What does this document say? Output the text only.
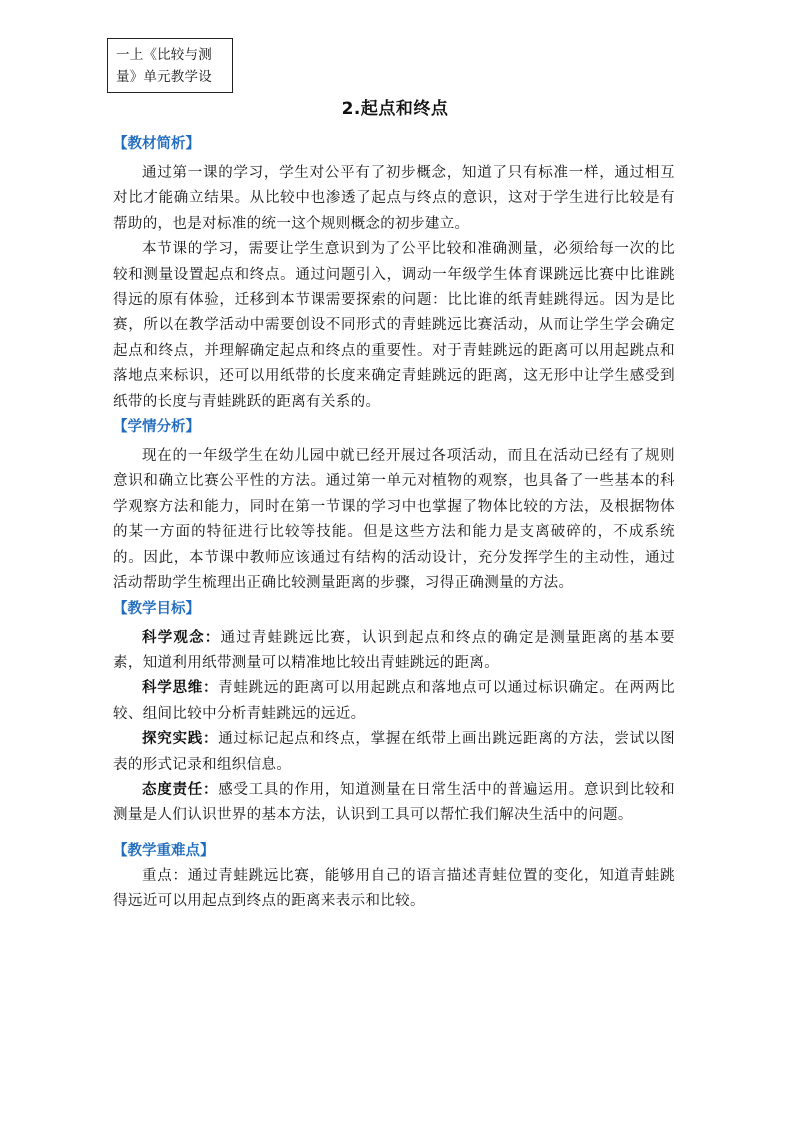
一上《比较与测
量》单元教学设
2.起点和终点

【教材简析】

通过第一课的学习，学生对公平有了初步概念，知道了只有标准一样，通过相互对比才能确立结果。从比较中也渗透了起点与终点的意识，这对于学生进行比较是有帮助的，也是对标准的统一这个规则概念的初步建立。

本节课的学习，需要让学生意识到为了公平比较和准确测量，必须给每一次的比较和测量设置起点和终点。通过问题引入，调动一年级学生体育课跳远比赛中比谁跳得远的原有体验，迁移到本节课需要探索的问题：比比谁的纸青蛙跳得远。因为是比赛，所以在教学活动中需要创设不同形式的青蛙跳远比赛活动，从而让学生学会确定起点和终点，并理解确定起点和终点的重要性。对于青蛙跳远的距离可以用起跳点和落地点来标识，还可以用纸带的长度来确定青蛙跳远的距离，这无形中让学生感受到纸带的长度与青蛙跳跃的距离有关系的。

【学情分析】

现在的一年级学生在幼儿园中就已经开展过各项活动，而且在活动已经有了规则意识和确立比赛公平性的方法。通过第一单元对植物的观察，也具备了一些基本的科学观察方法和能力，同时在第一节课的学习中也掌握了物体比较的方法，及根据物体的某一方面的特征进行比较等技能。但是这些方法和能力是支离破碎的，不成系统的。因此，本节课中教师应该通过有结构的活动设计，充分发挥学生的主动性，通过活动帮助学生梳理出正确比较测量距离的步骤，习得正确测量的方法。

【教学目标】

科学观念：通过青蛙跳远比赛，认识到起点和终点的确定是测量距离的基本要素，知道利用纸带测量可以精准地比较出青蛙跳远的距离。

科学思维：青蛙跳远的距离可以用起跳点和落地点可以通过标识确定。在两两比较、组间比较中分析青蛙跳远的远近。

探究实践：通过标记起点和终点，掌握在纸带上画出跳远距离的方法，尝试以图表的形式记录和组织信息。

态度责任：感受工具的作用，知道测量在日常生活中的普遍运用。意识到比较和测量是人们认识世界的基本方法，认识到工具可以帮忙我们解决生活中的问题。

【教学重难点】

重点：通过青蛙跳远比赛，能够用自己的语言描述青蛙位置的变化，知道青蛙跳得远近可以用起点到终点的距离来表示和比较。
